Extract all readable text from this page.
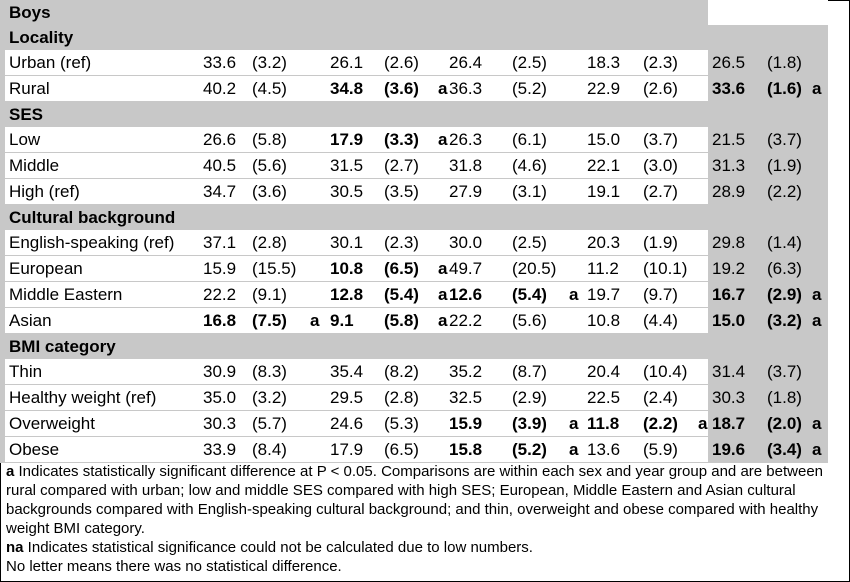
Boys
Locality
Urban (ref)	33.6 (3.2)	26.1 (2.6) 26.4 (2.5) 18.3 (2.3) 26.5 (1.8)
Rural	40.2 (4.5)	34.8 (3.6) a 36.3 (5.2) 22.9 (2.6) 33.6 (1.6) a
SES
Low	26.6 (5.8)	17.9 (3.3) a 26.3 (6.1) 15.0 (3.7) 21.5 (3.7)
Middle	40.5 (5.6)	31.5 (2.7) 31.8 (4.6) 22.1 (3.0) 31.3 (1.9)
High (ref)	34.7 (3.6)	30.5 (3.5) 27.9 (3.1) 19.1 (2.7) 28.9 (2.2)
Cultural background
English-speaking (ref) 37.1 (2.8)	30.1 (2.3) 30.0 (2.5) 20.3 (1.9) 29.8 (1.4)
European	15.9 (15.5) 10.8 (6.5) a 49.7 (20.5) 11.2 (10.1) 19.2 (6.3)
Middle Eastern	22.2 (9.1)	12.8 (5.4) a 12.6 (5.4) a 19.7 (9.7) 16.7 (2.9) a
Asian	16.8 (7.5) a 9.1 (5.8) a 22.2 (5.6) 10.8 (4.4) 15.0 (3.2) a
BMI category
Thin	30.9 (8.3)	35.4 (8.2) 35.2 (8.7) 20.4 (10.4) 31.4 (3.7)
Healthy weight (ref)	35.0 (3.2)	29.5 (2.8) 32.5 (2.9) 22.5 (2.4) 30.3 (1.8)
Overweight	30.3 (5.7)	24.6 (5.3) 15.9 (3.9) a 11.8 (2.2) a 18.7 (2.0) a
Obese	33.9 (8.4)	17.9 (6.5) 15.8 (5.2) a 13.6 (5.9) 19.6 (3.4) a

a Indicates statistically significant difference at P < 0.05. Comparisons are within each sex and year group and are between rural compared with urban; low and middle SES compared with high SES; European, Middle Eastern and Asian cultural backgrounds compared with English-speaking cultural background; and thin, overweight and obese compared with healthy weight BMI category.

na Indicates statistical significance could not be calculated due to low numbers.

No letter means there was no statistical difference.
